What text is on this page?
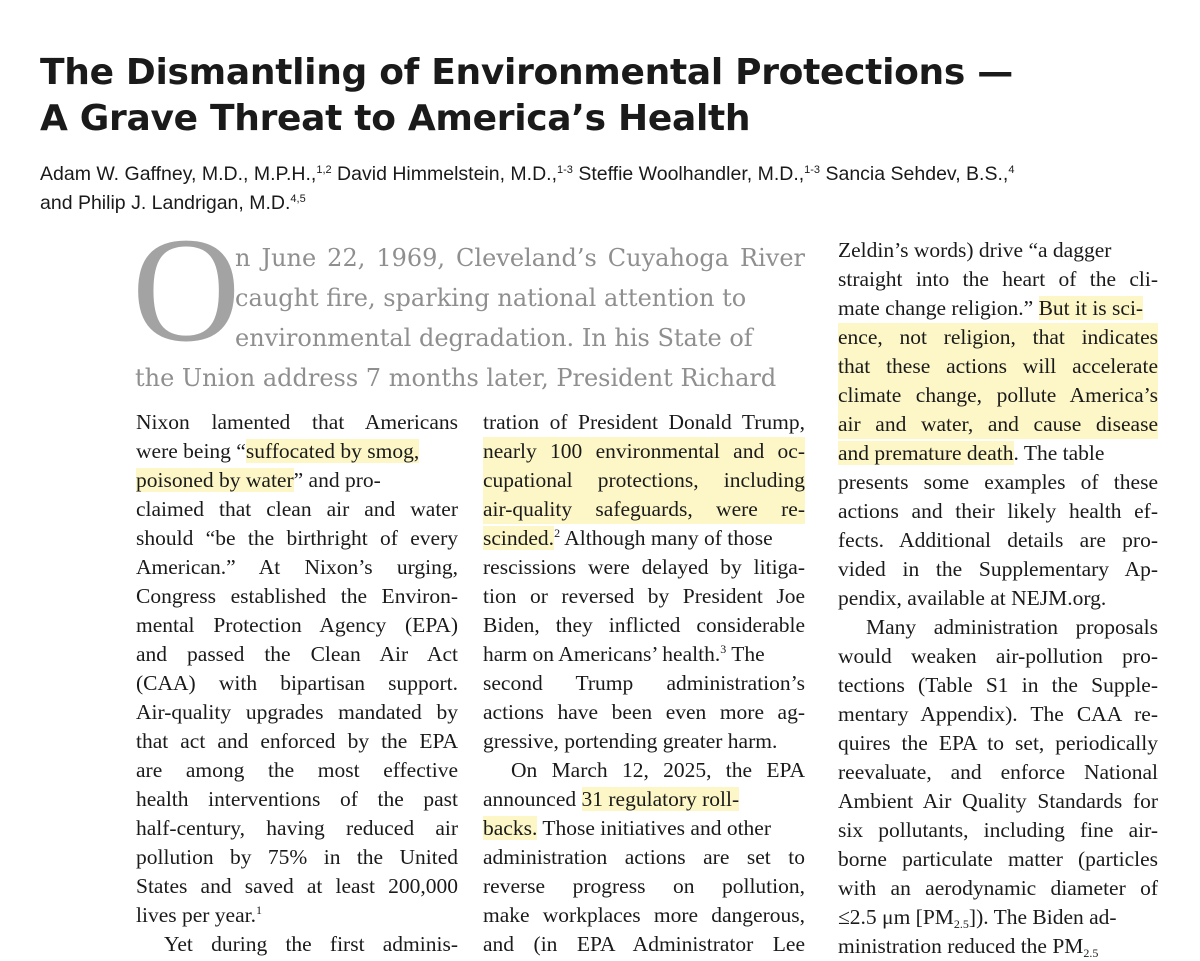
The Dismantling of Environmental Protections —
A Grave Threat to America’s Health
Adam W. Gaffney, M.D., M.P.H.,$^{1,2}$ David Himmelstein, M.D.,$^{1-3}$ Steffie Woolhandler, M.D.,$^{1-3}$ Sancia Sehdev, B.S.,$^4$
and Philip J. Landrigan, M.D.$^{4,5}$
O
n June 22, 1969, Cleveland’s Cuyahoga River
caught fire, sparking national attention to
environmental degradation. In his State of
the Union address 7 months later, President Richard
Nixon lamented that Americans
were being “suffocated by smog,
poisoned by water” and pro-
claimed that clean air and water
should “be the birthright of every
American.” At Nixon’s urging,
Congress established the Environ-
mental Protection Agency (EPA)
and passed the Clean Air Act
(CAA) with bipartisan support.
Air-quality upgrades mandated by
that act and enforced by the EPA
are among the most effective
health interventions of the past
half-century, having reduced air
pollution by 75% in the United
States and saved at least 200,000
lives per year.$^1$
Yet during the first adminis-
tration of President Donald Trump,
nearly 100 environmental and oc-
cupational protections, including
air-quality safeguards, were re-
scinded.$^2$ Although many of those
rescissions were delayed by litiga-
tion or reversed by President Joe
Biden, they inflicted considerable
harm on Americans’ health.$^3$ The
second Trump administration’s
actions have been even more ag-
gressive, portending greater harm.
On March 12, 2025, the EPA
announced 31 regulatory roll-
backs. Those initiatives and other
administration actions are set to
reverse progress on pollution,
make workplaces more dangerous,
and (in EPA Administrator Lee
Zeldin’s words) drive “a dagger
straight into the heart of the cli-
mate change religion.” But it is sci-
ence, not religion, that indicates
that these actions will accelerate
climate change, pollute America’s
air and water, and cause disease
and premature death. The table
presents some examples of these
actions and their likely health ef-
fects. Additional details are pro-
vided in the Supplementary Ap-
pendix, available at NEJM.org.
Many administration proposals
would weaken air-pollution pro-
tections (Table S1 in the Supple-
mentary Appendix). The CAA re-
quires the EPA to set, periodically
reevaluate, and enforce National
Ambient Air Quality Standards for
six pollutants, including fine air-
borne particulate matter (particles
with an aerodynamic diameter of
≤2.5 μm $[PM_{2.5}]$). The Biden ad-
ministration reduced the $PM_{2.5}$
